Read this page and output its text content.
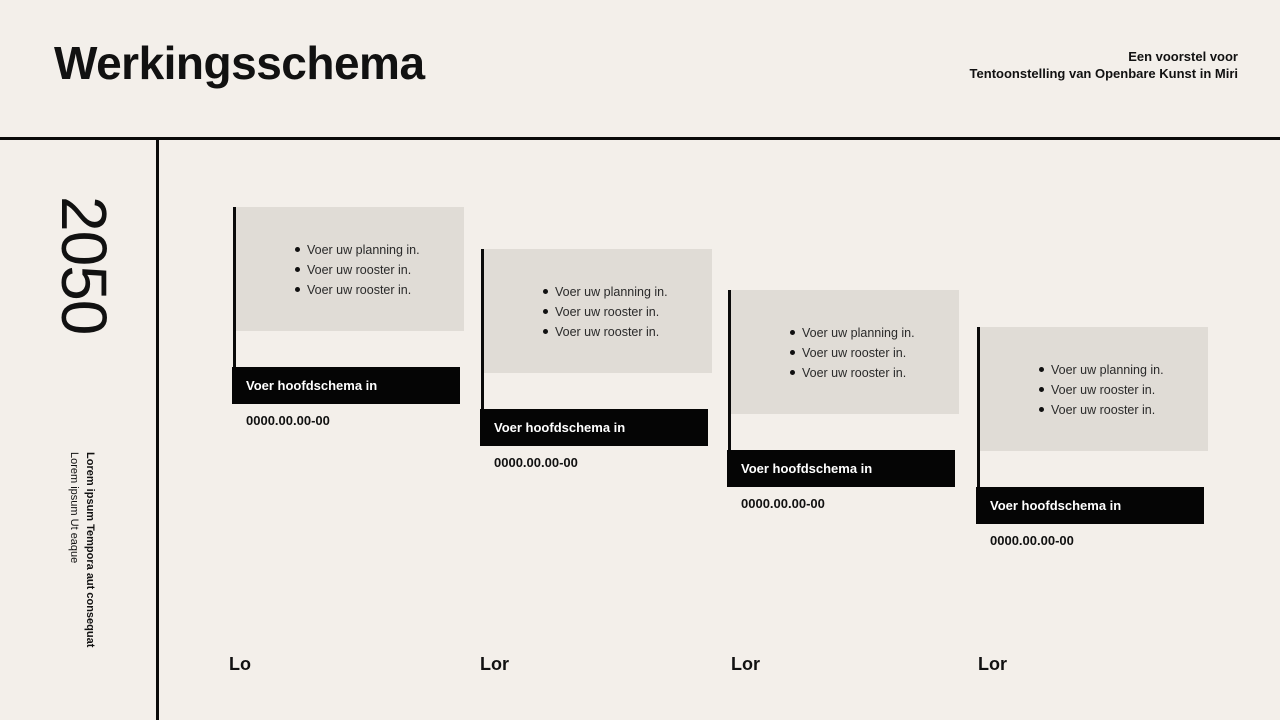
Werkingsschema	Een voorstel voor
Tentoonstelling van Openbare Kunst in Miri
2050
Lorem ipsum Tempora aut consequat
Lorem ipsum Ut eaque
Voer uw planning in.
Voer uw rooster in.
Voer uw rooster in.
Voer hoofdschema in
0000.00.00-00
Voer uw planning in.
Voer uw rooster in.
Voer uw rooster in.
Voer hoofdschema in
0000.00.00-00
Voer uw planning in.
Voer uw rooster in.
Voer uw rooster in.
Voer hoofdschema in
0000.00.00-00
Voer uw planning in.
Voer uw rooster in.
Voer uw rooster in.
Voer hoofdschema in
0000.00.00-00
Lo	Lor	Lor	Lor
